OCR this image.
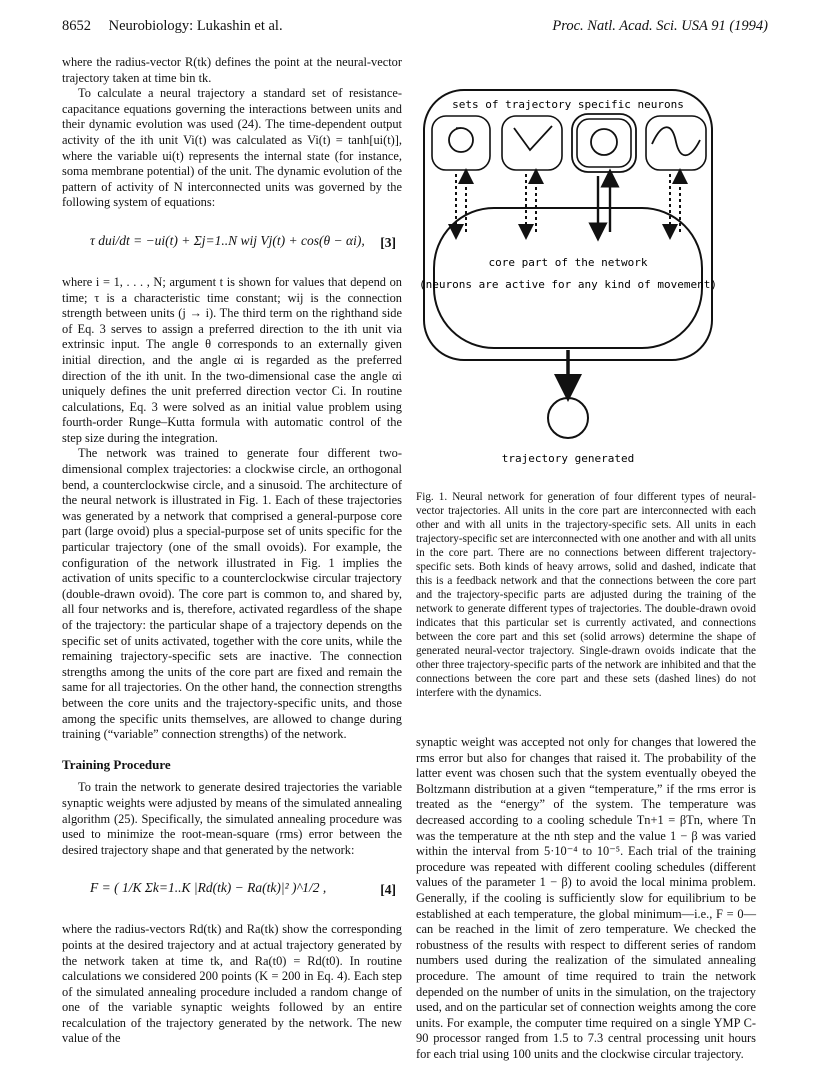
8652 Neurobiology: Lukashin et al.	Proc. Natl. Acad. Sci. USA 91 (1994)

where the radius-vector R(tk) defines the point at the neural-vector trajectory taken at time bin tk.

To calculate a neural trajectory a standard set of resistance-capacitance equations governing the interactions between units and their dynamic evolution was used (24). The time-dependent output activity of the ith unit Vi(t) was calculated as Vi(t) = tanh[ui(t)], where the variable ui(t) represents the internal state (for instance, soma membrane potential) of the unit. The dynamic evolution of the pattern of activity of N interconnected units was governed by the following system of equations:

τ dui/dt = −ui(t) + Σj=1..N wij Vj(t) + cos(θ − αi), [3]

where i = 1, . . . , N; argument t is shown for values that depend on time; τ is a characteristic time constant; wij is the connection strength between units (j → i). The third term on the righthand side of Eq. 3 serves to assign a preferred direction to the ith unit via extrinsic input. The angle θ corresponds to an externally given initial direction, and the angle αi is regarded as the preferred direction of the ith unit. In the two-dimensional case the angle αi uniquely defines the unit preferred direction vector Ci. In routine calculations, Eq. 3 were solved as an initial value problem using fourth-order Runge–Kutta formula with automatic control of the step size during the integration.

The network was trained to generate four different two-dimensional complex trajectories: a clockwise circle, an orthogonal bend, a counterclockwise circle, and a sinusoid. The architecture of the neural network is illustrated in Fig. 1. Each of these trajectories was generated by a network that comprised a general-purpose core part (large ovoid) plus a special-purpose set of units specific for the particular trajectory (one of the small ovoids). For example, the configuration of the network illustrated in Fig. 1 implies the activation of units specific to a counterclockwise circular trajectory (double-drawn ovoid). The core part is common to, and shared by, all four networks and is, therefore, activated regardless of the shape of the trajectory: the particular shape of a trajectory depends on the specific set of units activated, together with the core units, while the remaining trajectory-specific sets are inactive. The connection strengths among the units of the core part are fixed and remain the same for all trajectories. On the other hand, the connection strengths between the core units and the trajectory-specific units, and those among the specific units themselves, are allowed to change during training (“variable” connection strengths) of the network.

Training Procedure

To train the network to generate desired trajectories the variable synaptic weights were adjusted by means of the simulated annealing algorithm (25). Specifically, the simulated annealing procedure was used to minimize the root-mean-square (rms) error between the desired trajectory shape and that generated by the network:

F = ( 1/K Σk=1..K |Rd(tk) − Ra(tk)|² )^1/2 ,	[4]

where the radius-vectors Rd(tk) and Ra(tk) show the corresponding points at the desired trajectory and at actual trajectory generated by the network taken at time tk, and Ra(t0) = Rd(t0). In routine calculations we considered 200 points (K = 200 in Eq. 4). Each step of the simulated annealing procedure included a random change of one of the variable synaptic weights followed by an entire recalculation of the trajectory generated by the network. The new value of the

sets of trajectory specific neurons
core part of the network
(neurons are active for any kind of movement)
trajectory generated
Fig. 1. Neural network for generation of four different types of neural-vector trajectories. All units in the core part are interconnected with each other and with all units in the trajectory-specific sets. All units in each trajectory-specific set are interconnected with one another and with all units in the core part. There are no connections between different trajectory-specific sets. Both kinds of heavy arrows, solid and dashed, indicate that this is a feedback network and that the connections between the core part and the trajectory-specific parts are adjusted during the training of the network to generate different types of trajectories. The double-drawn ovoid indicates that this particular set is currently activated, and connections between the core part and this set (solid arrows) determine the shape of generated neural-vector trajectory. Single-drawn ovoids indicate that the other three trajectory-specific parts of the network are inhibited and that the connections between the core part and these sets (dashed lines) do not interfere with the dynamics.

synaptic weight was accepted not only for changes that lowered the rms error but also for changes that raised it. The probability of the latter event was chosen such that the system eventually obeyed the Boltzmann distribution at a given “temperature,” if the rms error is treated as the “energy” of the system. The temperature was decreased according to a cooling schedule Tn+1 = βTn, where Tn was the temperature at the nth step and the value 1 − β was varied within the interval from 5·10⁻⁴ to 10⁻⁵. Each trial of the training procedure was repeated with different cooling schedules (different values of the parameter 1 − β) to avoid the local minima problem. Generally, if the cooling is sufficiently slow for equilibrium to be established at each temperature, the global minimum—i.e., F = 0—can be reached in the limit of zero temperature. We checked the robustness of the results with respect to different series of random numbers used during the realization of the simulated annealing procedure. The amount of time required to train the network depended on the number of units in the simulation, on the trajectory used, and on the particular set of connection weights among the core units. For example, the computer time required on a single YMP C-90 processor ranged from 1.5 to 7.3 central processing unit hours for each trial using 100 units and the clockwise circular trajectory.
